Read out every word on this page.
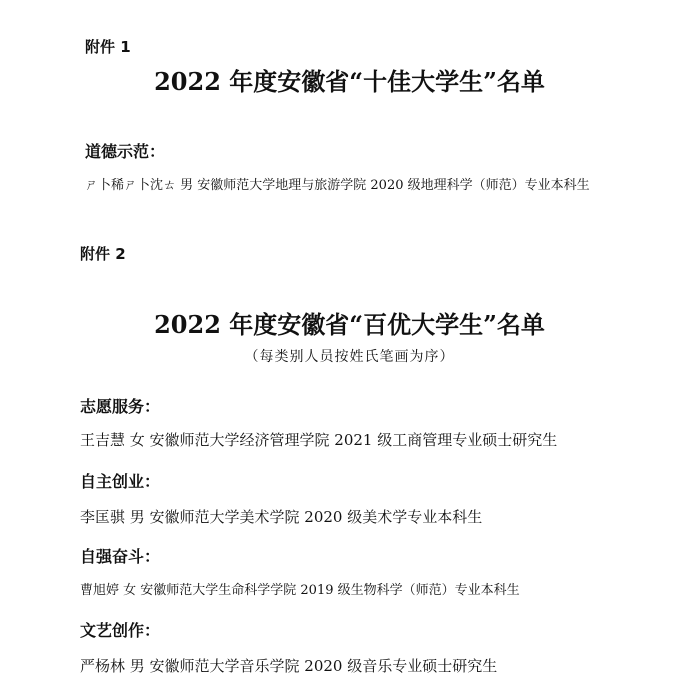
附件 1
2022 年度安徽省“十佳大学生”名单
道德示范：
ㄕ卜稀ㄕ卜沈ㄊ 男 安徽师范大学地理与旅游学院 2020 级地理科学（师范）专业本科生
附件 2
2022 年度安徽省“百优大学生”名单
（每类别人员按姓氏笔画为序）
志愿服务：
王吉慧 女 安徽师范大学经济管理学院 2021 级工商管理专业硕士研究生
自主创业：
李匡骐 男 安徽师范大学美术学院 2020 级美术学专业本科生
自强奋斗：
曹旭婷 女 安徽师范大学生命科学学院 2019 级生物科学（师范）专业本科生
文艺创作：
严杨林 男 安徽师范大学音乐学院 2020 级音乐专业硕士研究生
